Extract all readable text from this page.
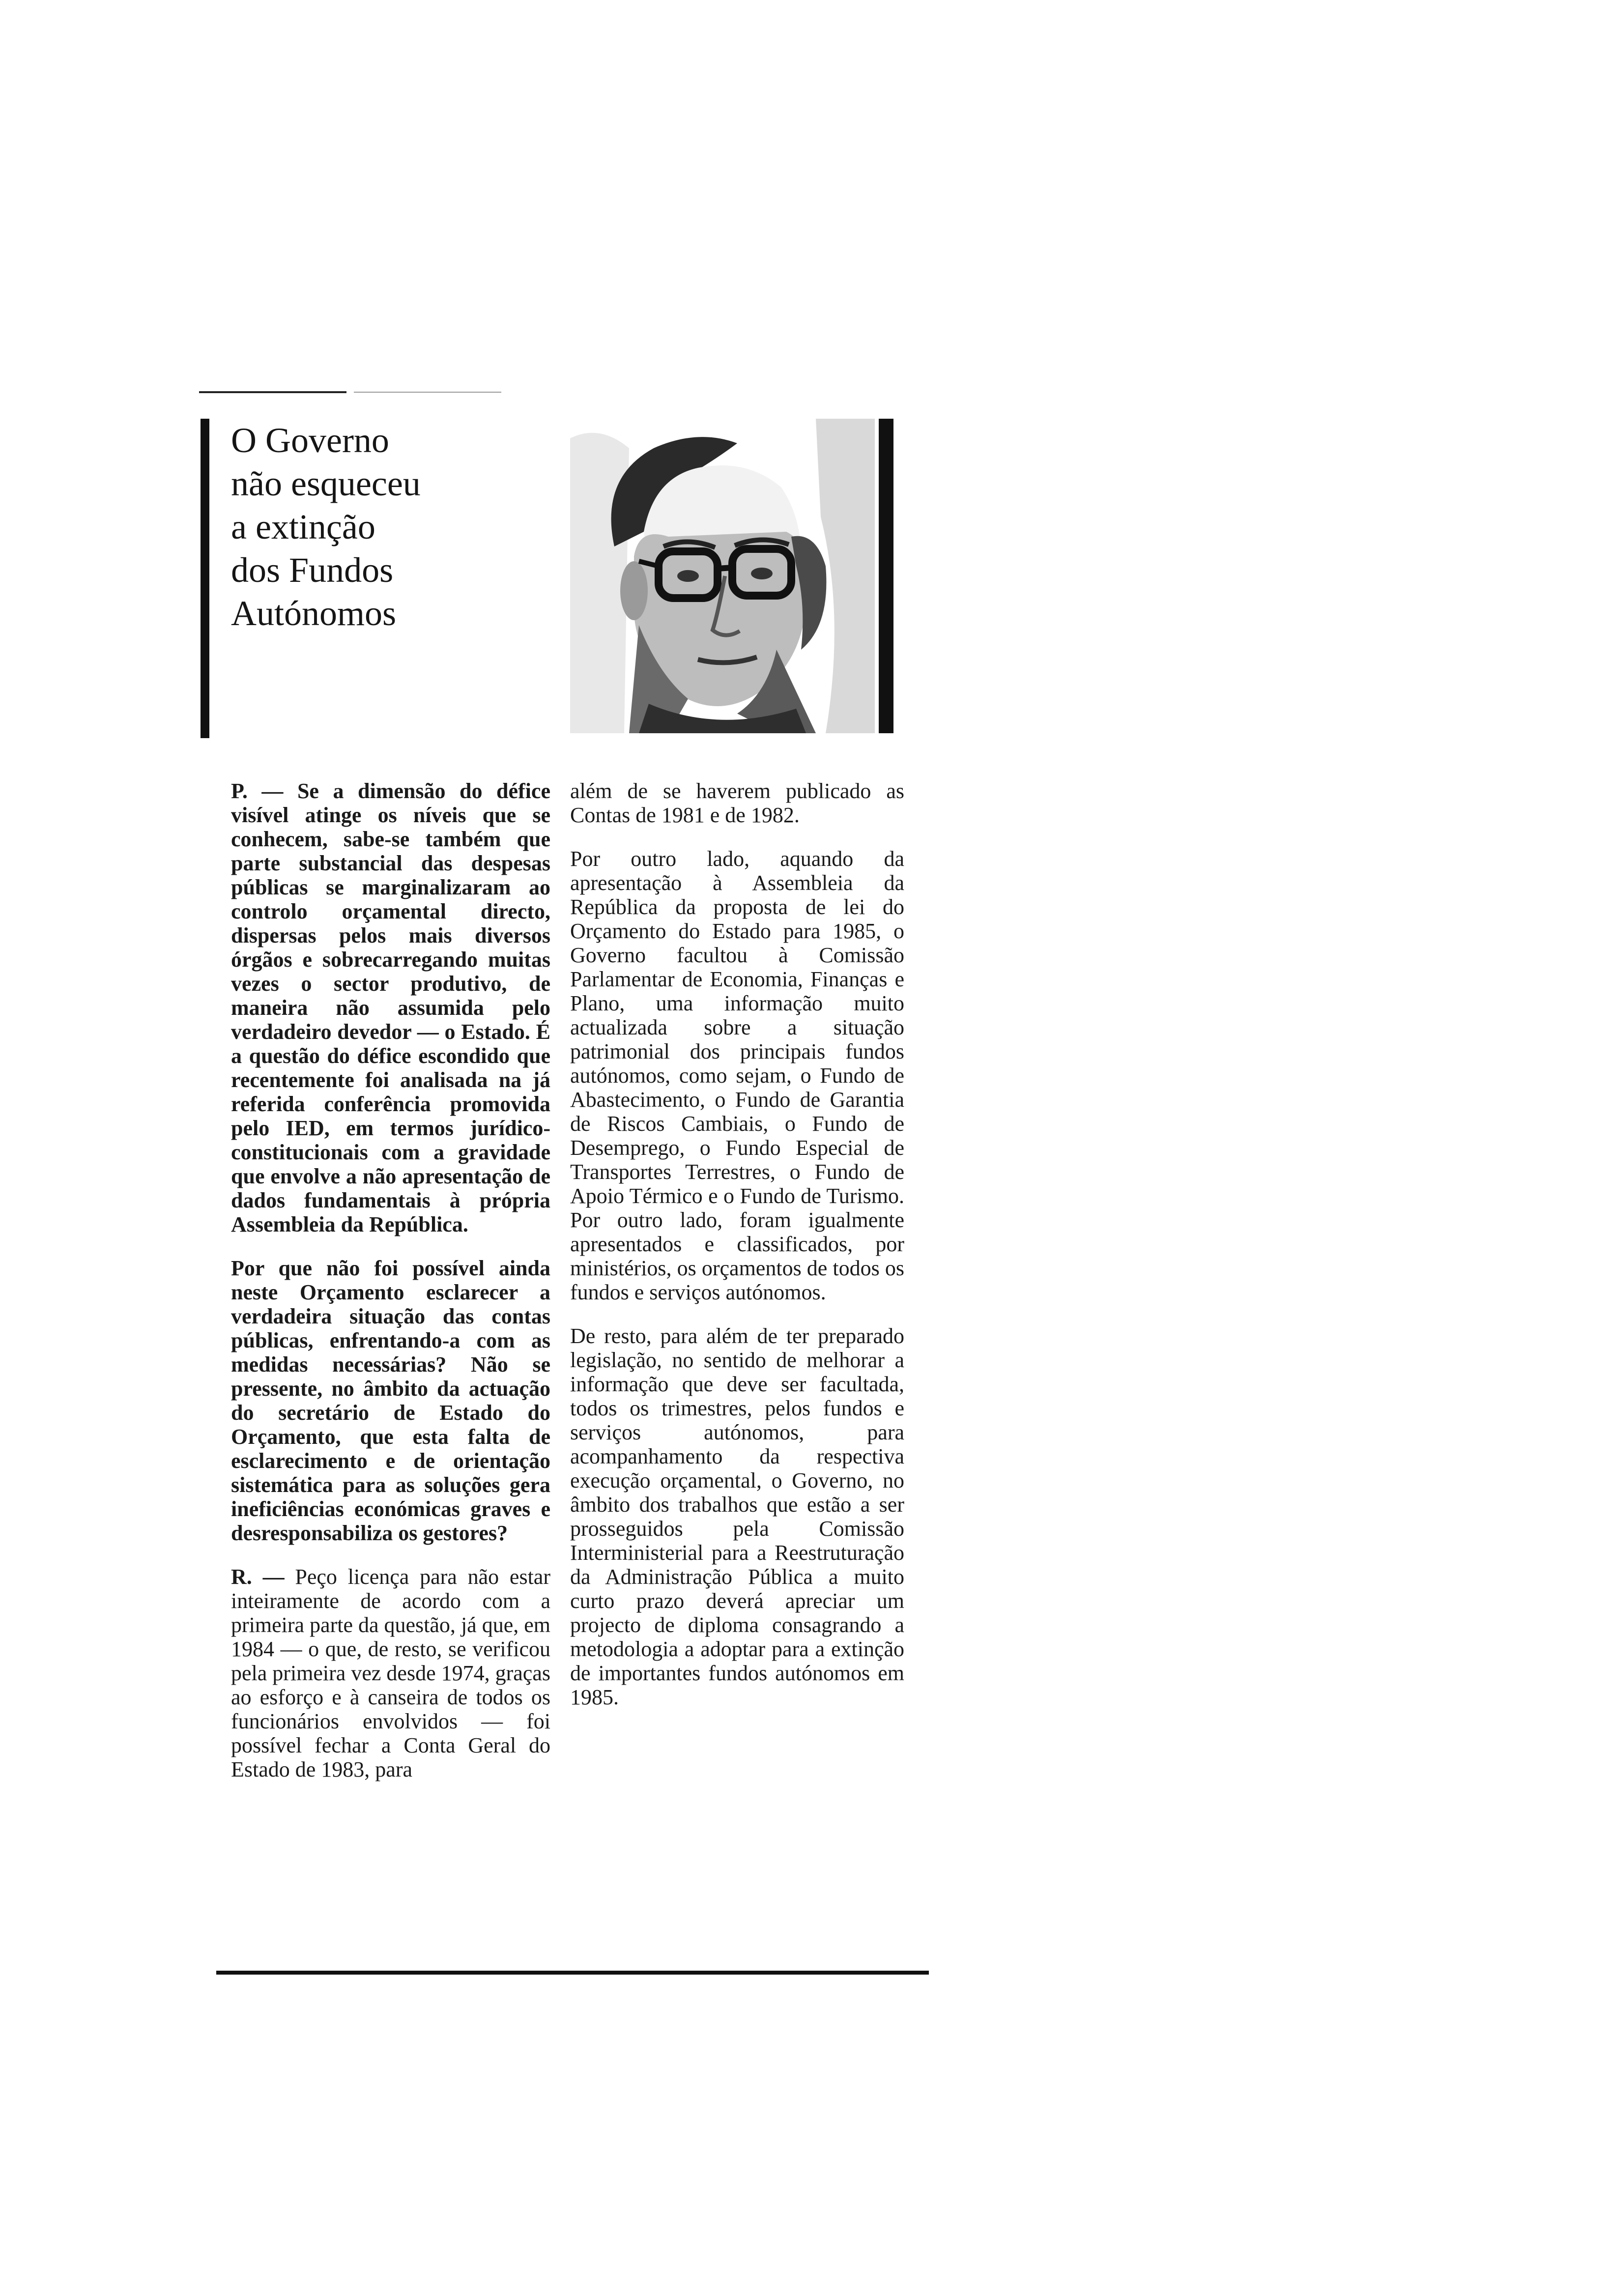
O Governo
não esqueceu
a extinção
dos Fundos
Autónomos

P. — Se a dimensão do défice visível atinge os níveis que se conhecem, sabe-se também que parte substancial das despesas públicas se marginalizaram ao controlo orçamental directo, dispersas pelos mais diversos órgãos e sobrecarregando muitas vezes o sector produtivo, de maneira não assumida pelo verdadeiro devedor — o Estado. É a questão do défice escondido que recentemente foi analisada na já referida conferência promovida pelo IED, em termos jurídico-constitucionais com a gravidade que envolve a não apresentação de dados fundamentais à própria Assembleia da República.

Por que não foi possível ainda neste Orçamento esclarecer a verdadeira situação das contas públicas, enfrentando-a com as medidas necessárias? Não se pressente, no âmbito da actuação do secretário de Estado do Orçamento, que esta falta de esclarecimento e de orientação sistemática para as soluções gera ineficiências económicas graves e desresponsabiliza os gestores?

R. — Peço licença para não estar inteiramente de acordo com a primeira parte da questão, já que, em 1984 — o que, de resto, se verificou pela primeira vez desde 1974, graças ao esforço e à canseira de todos os funcionários envolvidos — foi possível fechar a Conta Geral do Estado de 1983, para

além de se haverem publicado as Contas de 1981 e de 1982.

Por outro lado, aquando da apresentação à Assembleia da República da proposta de lei do Orçamento do Estado para 1985, o Governo facultou à Comissão Parlamentar de Economia, Finanças e Plano, uma informação muito actualizada sobre a situação patrimonial dos principais fundos autónomos, como sejam, o Fundo de Abastecimento, o Fundo de Garantia de Riscos Cambiais, o Fundo de Desemprego, o Fundo Especial de Transportes Terrestres, o Fundo de Apoio Térmico e o Fundo de Turismo. Por outro lado, foram igualmente apresentados e classificados, por ministérios, os orçamentos de todos os fundos e serviços autónomos.

De resto, para além de ter preparado legislação, no sentido de melhorar a informação que deve ser facultada, todos os trimestres, pelos fundos e serviços autónomos, para acompanhamento da respectiva execução orçamental, o Governo, no âmbito dos trabalhos que estão a ser prosseguidos pela Comissão Interministerial para a Reestruturação da Administração Pública a muito curto prazo deverá apreciar um projecto de diploma consagrando a metodologia a adoptar para a extinção de importantes fundos autónomos em 1985.
